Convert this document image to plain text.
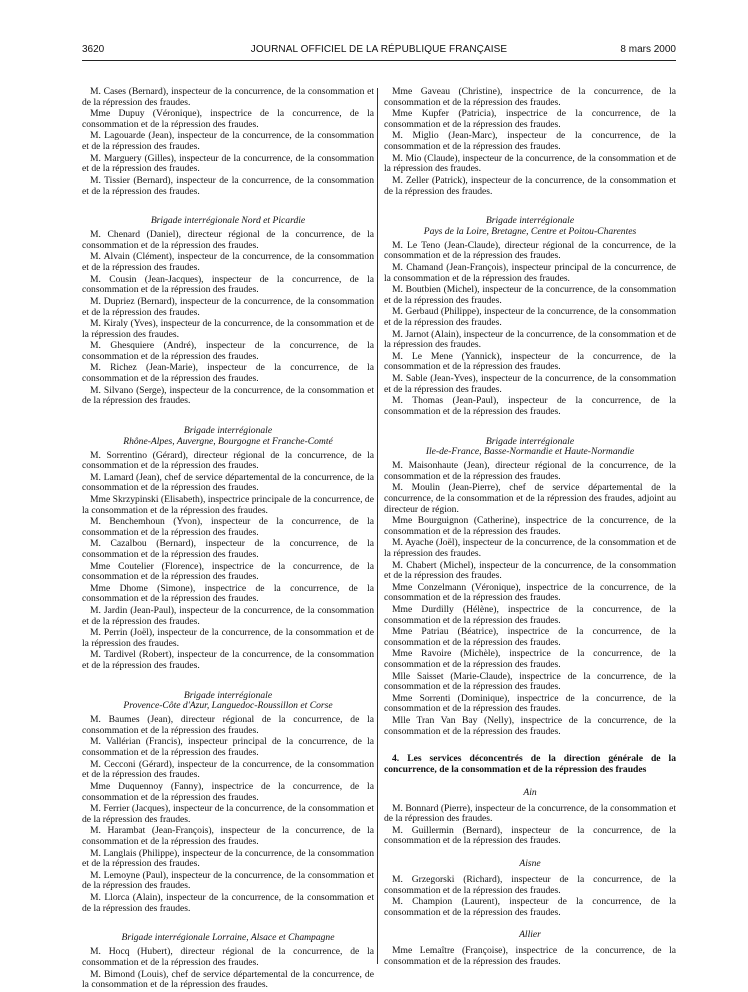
3620	JOURNAL OFFICIEL DE LA RÉPUBLIQUE FRANÇAISE	8 mars 2000

M. Cases (Bernard), inspecteur de la concurrence, de la consommation et de la répression des fraudes.

Mme Dupuy (Véronique), inspectrice de la concurrence, de la consommation et de la répression des fraudes.

M. Lagouarde (Jean), inspecteur de la concurrence, de la consommation et de la répression des fraudes.

M. Marguery (Gilles), inspecteur de la concurrence, de la consommation et de la répression des fraudes.

M. Tissier (Bernard), inspecteur de la concurrence, de la consommation et de la répression des fraudes.

Brigade interrégionale Nord et Picardie

M. Chenard (Daniel), directeur régional de la concurrence, de la consommation et de la répression des fraudes.

M. Alvain (Clément), inspecteur de la concurrence, de la consommation et de la répression des fraudes.

M. Cousin (Jean-Jacques), inspecteur de la concurrence, de la consommation et de la répression des fraudes.

M. Dupriez (Bernard), inspecteur de la concurrence, de la consommation et de la répression des fraudes.

M. Kiraly (Yves), inspecteur de la concurrence, de la consommation et de la répression des fraudes.

M. Ghesquiere (André), inspecteur de la concurrence, de la consommation et de la répression des fraudes.

M. Richez (Jean-Marie), inspecteur de la concurrence, de la consommation et de la répression des fraudes.

M. Silvano (Serge), inspecteur de la concurrence, de la consommation et de la répression des fraudes.

Brigade interrégionale
Rhône-Alpes, Auvergne, Bourgogne et Franche-Comté

M. Sorrentino (Gérard), directeur régional de la concurrence, de la consommation et de la répression des fraudes.

M. Lamard (Jean), chef de service départemental de la concurrence, de la consommation et de la répression des fraudes.

Mme Skrzypinski (Elisabeth), inspectrice principale de la concurrence, de la consommation et de la répression des fraudes.

M. Benchemhoun (Yvon), inspecteur de la concurrence, de la consommation et de la répression des fraudes.

M. Cazalbou (Bernard), inspecteur de la concurrence, de la consommation et de la répression des fraudes.

Mme Coutelier (Florence), inspectrice de la concurrence, de la consommation et de la répression des fraudes.

Mme Dhome (Simone), inspectrice de la concurrence, de la consommation et de la répression des fraudes.

M. Jardin (Jean-Paul), inspecteur de la concurrence, de la consommation et de la répression des fraudes.

M. Perrin (Joël), inspecteur de la concurrence, de la consommation et de la répression des fraudes.

M. Tardivel (Robert), inspecteur de la concurrence, de la consommation et de la répression des fraudes.

Brigade interrégionale
Provence-Côte d'Azur, Languedoc-Roussillon et Corse

M. Baumes (Jean), directeur régional de la concurrence, de la consommation et de la répression des fraudes.

M. Vallérian (Francis), inspecteur principal de la concurrence, de la consommation et de la répression des fraudes.

M. Cecconi (Gérard), inspecteur de la concurrence, de la consommation et de la répression des fraudes.

Mme Duquennoy (Fanny), inspectrice de la concurrence, de la consommation et de la répression des fraudes.

M. Ferrier (Jacques), inspecteur de la concurrence, de la consommation et de la répression des fraudes.

M. Harambat (Jean-François), inspecteur de la concurrence, de la consommation et de la répression des fraudes.

M. Langlais (Philippe), inspecteur de la concurrence, de la consommation et de la répression des fraudes.

M. Lemoyne (Paul), inspecteur de la concurrence, de la consommation et de la répression des fraudes.

M. Llorca (Alain), inspecteur de la concurrence, de la consommation et de la répression des fraudes.

Brigade interrégionale Lorraine, Alsace et Champagne

M. Hocq (Hubert), directeur régional de la concurrence, de la consommation et de la répression des fraudes.

M. Bimond (Louis), chef de service départemental de la concurrence, de la consommation et de la répression des fraudes.

Mme Gaveau (Christine), inspectrice de la concurrence, de la consommation et de la répression des fraudes.

Mme Kupfer (Patricia), inspectrice de la concurrence, de la consommation et de la répression des fraudes.

M. Miglio (Jean-Marc), inspecteur de la concurrence, de la consommation et de la répression des fraudes.

M. Mio (Claude), inspecteur de la concurrence, de la consommation et de la répression des fraudes.

M. Zeller (Patrick), inspecteur de la concurrence, de la consommation et de la répression des fraudes.

Brigade interrégionale
Pays de la Loire, Bretagne, Centre et Poitou-Charentes

M. Le Teno (Jean-Claude), directeur régional de la concurrence, de la consommation et de la répression des fraudes.

M. Chamand (Jean-François), inspecteur principal de la concurrence, de la consommation et de la répression des fraudes.

M. Boutbien (Michel), inspecteur de la concurrence, de la consommation et de la répression des fraudes.

M. Gerbaud (Philippe), inspecteur de la concurrence, de la consommation et de la répression des fraudes.

M. Jarnot (Alain), inspecteur de la concurrence, de la consommation et de la répression des fraudes.

M. Le Mene (Yannick), inspecteur de la concurrence, de la consommation et de la répression des fraudes.

M. Sable (Jean-Yves), inspecteur de la concurrence, de la consommation et de la répression des fraudes.

M. Thomas (Jean-Paul), inspecteur de la concurrence, de la consommation et de la répression des fraudes.

Brigade interrégionale
Ile-de-France, Basse-Normandie et Haute-Normandie

M. Maisonhaute (Jean), directeur régional de la concurrence, de la consommation et de la répression des fraudes.

M. Moulin (Jean-Pierre), chef de service départemental de la concurrence, de la consommation et de la répression des fraudes, adjoint au directeur de région.

Mme Bourguignon (Catherine), inspectrice de la concurrence, de la consommation et de la répression des fraudes.

M. Ayache (Joël), inspecteur de la concurrence, de la consommation et de la répression des fraudes.

M. Chabert (Michel), inspecteur de la concurrence, de la consommation et de la répression des fraudes.

Mme Conzelmann (Véronique), inspectrice de la concurrence, de la consommation et de la répression des fraudes.

Mme Durdilly (Hélène), inspectrice de la concurrence, de la consommation et de la répression des fraudes.

Mme Patriau (Béatrice), inspectrice de la concurrence, de la consommation et de la répression des fraudes.

Mme Ravoire (Michèle), inspectrice de la concurrence, de la consommation et de la répression des fraudes.

Mlle Saisset (Marie-Claude), inspectrice de la concurrence, de la consommation et de la répression des fraudes.

Mme Sorrenti (Dominique), inspectrice de la concurrence, de la consommation et de la répression des fraudes.

Mlle Tran Van Bay (Nelly), inspectrice de la concurrence, de la consommation et de la répression des fraudes.

4. Les services déconcentrés de la direction générale de la concurrence, de la consommation et de la répression des fraudes
Ain

M. Bonnard (Pierre), inspecteur de la concurrence, de la consommation et de la répression des fraudes.

M. Guillermin (Bernard), inspecteur de la concurrence, de la consommation et de la répression des fraudes.

Aisne

M. Grzegorski (Richard), inspecteur de la concurrence, de la consommation et de la répression des fraudes.

M. Champion (Laurent), inspecteur de la concurrence, de la consommation et de la répression des fraudes.

Allier

Mme Lemaître (Françoise), inspectrice de la concurrence, de la consommation et de la répression des fraudes.
